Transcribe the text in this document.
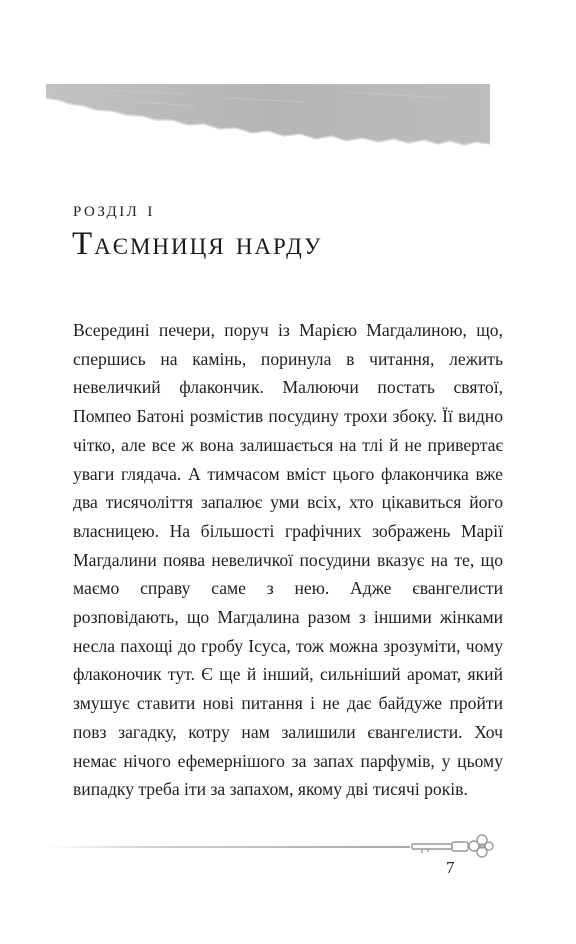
розділ i
Таємниця нарду

Всередині печери, поруч із Марією Магдалиною, що, спершись на камінь, поринула в читання, лежить невеличкий флакончик. Малюючи постать святої, Помпео Батоні розмістив посудину трохи збоку. Її видно чітко, але все ж вона залишається на тлі й не привертає уваги глядача. А тимчасом вміст цього флакончика вже два тисячоліття запалює уми всіх, хто цікавиться його власницею. На більшості графічних зображень Марії Магдалини поява невеличкої посудини вказує на те, що маємо справу саме з нею. Адже євангелисти розповідають, що Магдалина разом з іншими жінками несла пахощі до гробу Ісуса, тож можна зрозуміти, чому флаконочик тут. Є ще й інший, сильніший аромат, який змушує ставити нові питання і не дає байдуже пройти повз загадку, котру нам залишили євангелисти. Хоч немає нічого ефемернішого за запах парфумів, у цьому випадку треба іти за запахом, якому дві тисячі років.

7
